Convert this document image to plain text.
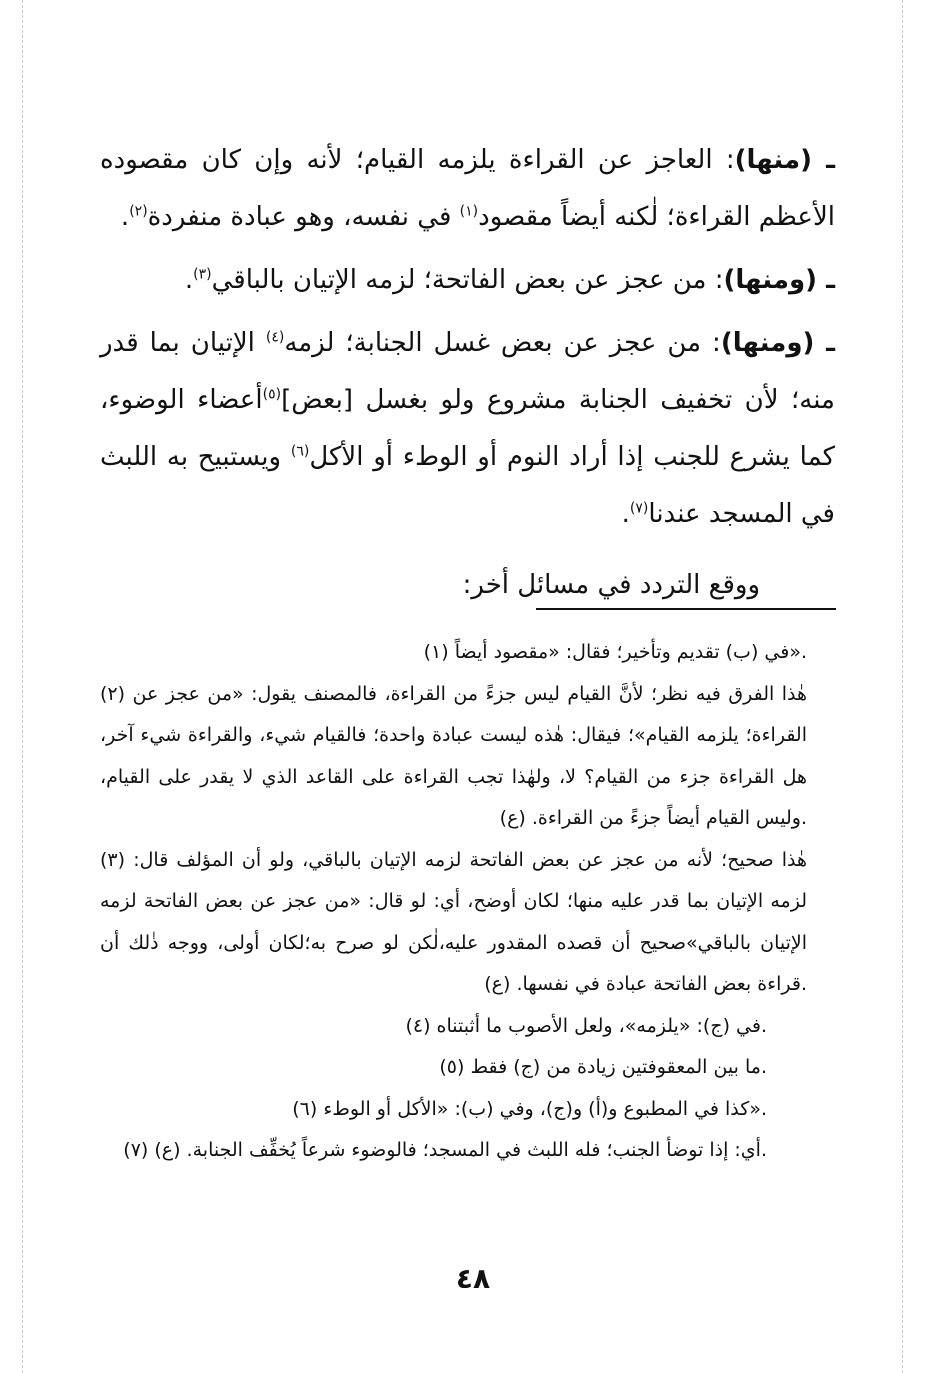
ـ (منها): العاجز عن القراءة يلزمه القيام؛ لأنه وإن كان مقصوده الأعظم القراءة؛ لٰكنه أيضاً مقصود$^{(١)}$ في نفسه، وهو عبادة منفردة$^{(٢)}$.

ـ (ومنها): من عجز عن بعض الفاتحة؛ لزمه الإتيان بالباقي$^{(٣)}$.

ـ (ومنها): من عجز عن بعض غسل الجنابة؛ لزمه$^{(٤)}$ الإتيان بما قدر منه؛ لأن تخفيف الجنابة مشروع ولو بغسل [بعض]$^{(٥)}$أعضاء الوضوء، كما يشرع للجنب إذا أراد النوم أو الوطء أو الأكل$^{(٦)}$ ويستبيح به اللبث في المسجد عندنا$^{(٧)}$.

ووقع التردد في مسائل أخر:

(١) في (ب) تقديم وتأخير؛ فقال: «مقصود أيضاً».

(٢) هٰذا الفرق فيه نظر؛ لأنَّ القيام ليس جزءً من القراءة، فالمصنف يقول: «من عجز عن القراءة؛ يلزمه القيام»؛ فيقال: هٰذه ليست عبادة واحدة؛ فالقيام شيء، والقراءة شيء آخر، هل القراءة جزء من القيام؟ لا، ولهٰذا تجب القراءة على القاعد الذي لا يقدر على القيام، وليس القيام أيضاً جزءً من القراءة. (ع).

(٣) هٰذا صحيح؛ لأنه من عجز عن بعض الفاتحة لزمه الإتيان بالباقي، ولو أن المؤلف قال: لزمه الإتيان بما قدر عليه منها؛ لكان أوضح، أي: لو قال: «من عجز عن بعض الفاتحة لزمه الإتيان بالباقي»صحيح أن قصده المقدور عليه،لٰكن لو صرح به؛لكان أولى، ووجه ذٰلك أن قراءة بعض الفاتحة عبادة في نفسها. (ع).

(٤) في (ج): «يلزمه»، ولعل الأصوب ما أثبتناه.

(٥) ما بين المعقوفتين زيادة من (ج) فقط.

(٦) كذا في المطبوع و(أ) و(ج)، وفي (ب): «الأكل أو الوطء».

(٧) أي: إذا توضأ الجنب؛ فله اللبث في المسجد؛ فالوضوء شرعاً يُخفِّف الجنابة. (ع).

٤٨
